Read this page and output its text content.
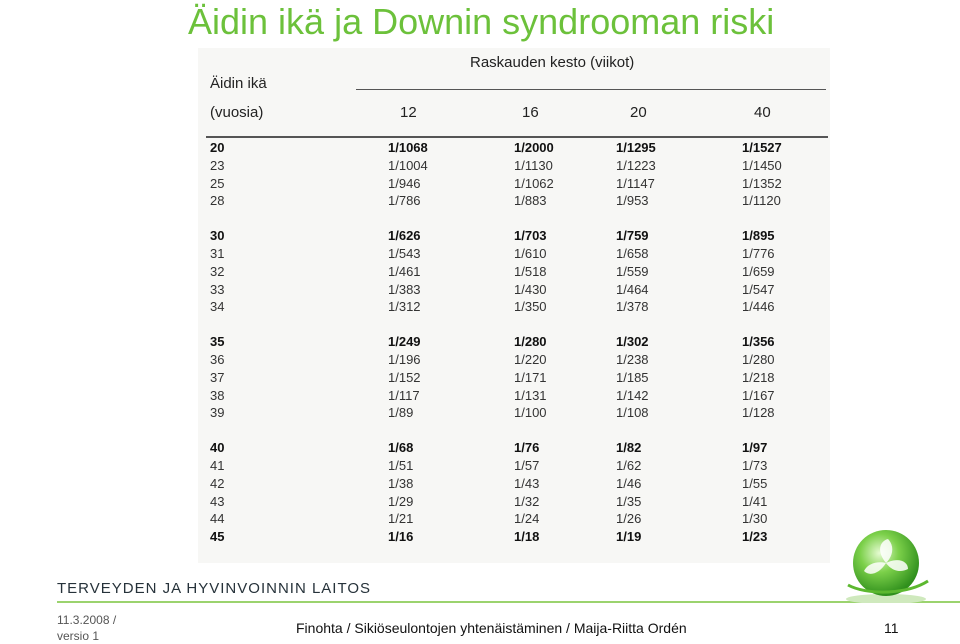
Äidin ikä ja Downin syndrooman riski
Raskauden kesto (viikot)
Äidin ikä
(vuosia)	12	16	20	40
20	1/1068	1/2000	1/1295	1/1527
23	1/1004	1/1130	1/1223	1/1450
25	1/946	1/1062	1/1147	1/1352
28	1/786	1/883	1/953	1/1120
30	1/626	1/703	1/759	1/895
31	1/543	1/610	1/658	1/776
32	1/461	1/518	1/559	1/659
33	1/383	1/430	1/464	1/547
34	1/312	1/350	1/378	1/446
35	1/249	1/280	1/302	1/356
36	1/196	1/220	1/238	1/280
37	1/152	1/171	1/185	1/218
38	1/117	1/131	1/142	1/167
39	1/89	1/100	1/108	1/128
40	1/68	1/76	1/82	1/97
41	1/51	1/57	1/62	1/73
42	1/38	1/43	1/46	1/55
43	1/29	1/32	1/35	1/41
44	1/21	1/24	1/26	1/30
45	1/16	1/18	1/19	1/23
TERVEYDEN JA HYVINVOINNIN LAITOS
11.3.2008 / versio 1	Finohta / Sikiöseulontojen yhtenäistäminen / Maija-Riitta Ordén	11
